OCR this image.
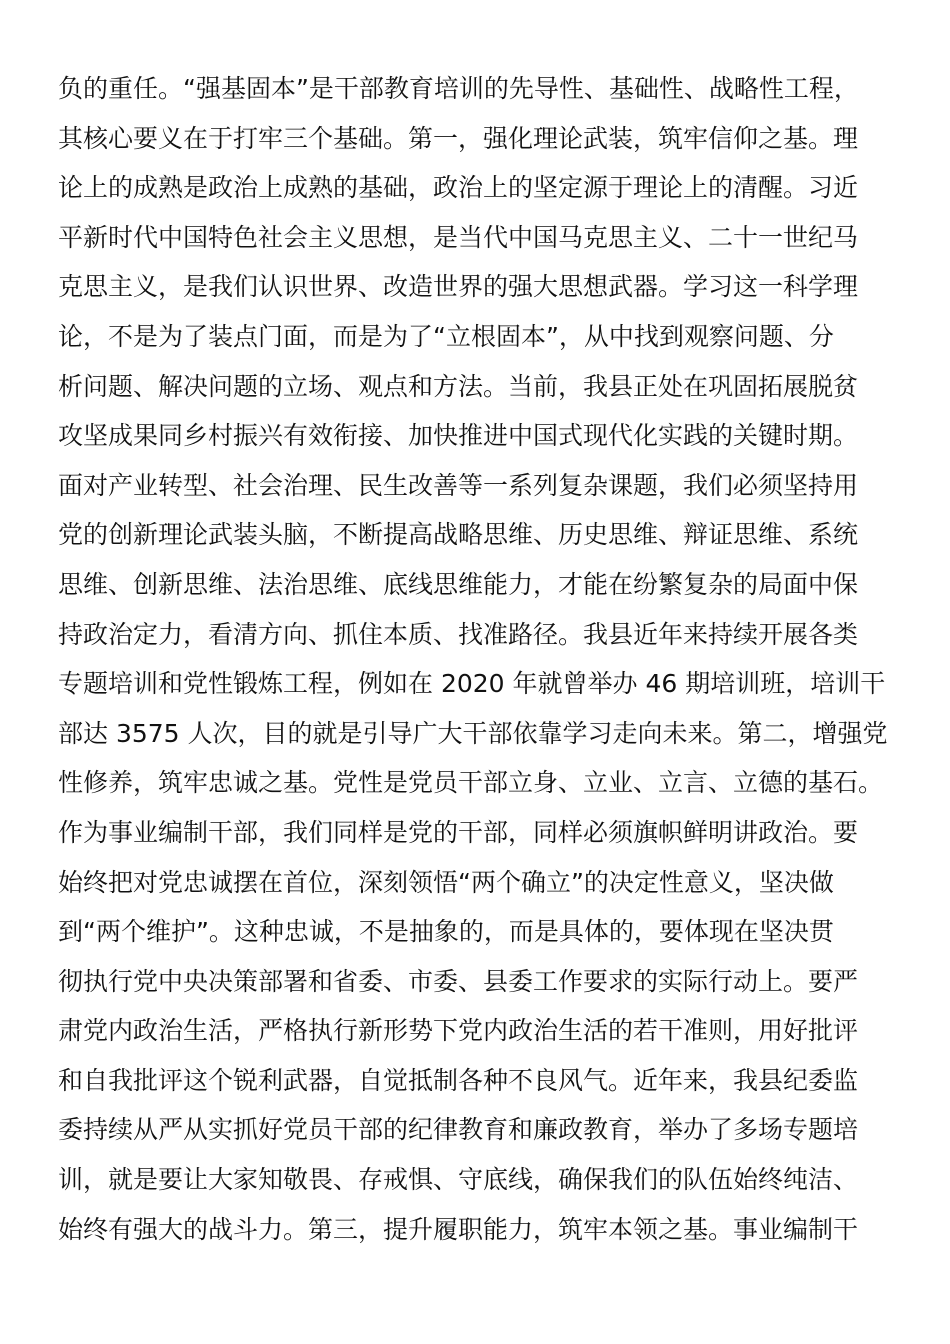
负的重任。“强基固本”是干部教育培训的先导性、基础性、战略性工程，
其核心要义在于打牢三个基础。第一，强化理论武装，筑牢信仰之基。理
论上的成熟是政治上成熟的基础，政治上的坚定源于理论上的清醒。习近
平新时代中国特色社会主义思想，是当代中国马克思主义、二十一世纪马
克思主义，是我们认识世界、改造世界的强大思想武器。学习这一科学理
论，不是为了装点门面，而是为了“立根固本”，从中找到观察问题、分
析问题、解决问题的立场、观点和方法。当前，我县正处在巩固拓展脱贫
攻坚成果同乡村振兴有效衔接、加快推进中国式现代化实践的关键时期。
面对产业转型、社会治理、民生改善等一系列复杂课题，我们必须坚持用
党的创新理论武装头脑，不断提高战略思维、历史思维、辩证思维、系统
思维、创新思维、法治思维、底线思维能力，才能在纷繁复杂的局面中保
持政治定力，看清方向、抓住本质、找准路径。我县近年来持续开展各类
专题培训和党性锻炼工程，例如在 2020 年就曾举办 46 期培训班，培训干
部达 3575 人次，目的就是引导广大干部依靠学习走向未来。第二，增强党
性修养，筑牢忠诚之基。党性是党员干部立身、立业、立言、立德的基石。
作为事业编制干部，我们同样是党的干部，同样必须旗帜鲜明讲政治。要
始终把对党忠诚摆在首位，深刻领悟“两个确立”的决定性意义，坚决做
到“两个维护”。这种忠诚，不是抽象的，而是具体的，要体现在坚决贯
彻执行党中央决策部署和省委、市委、县委工作要求的实际行动上。要严
肃党内政治生活，严格执行新形势下党内政治生活的若干准则，用好批评
和自我批评这个锐利武器，自觉抵制各种不良风气。近年来，我县纪委监
委持续从严从实抓好党员干部的纪律教育和廉政教育，举办了多场专题培
训，就是要让大家知敬畏、存戒惧、守底线，确保我们的队伍始终纯洁、
始终有强大的战斗力。第三，提升履职能力，筑牢本领之基。事业编制干
